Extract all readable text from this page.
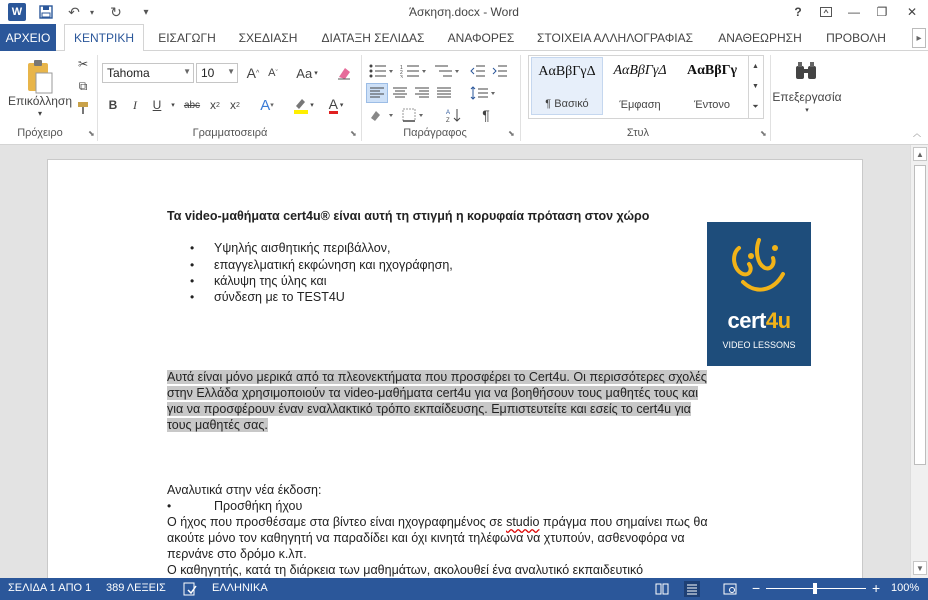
W	↶	▾	↻	▾	Άσκηση.docx - Word	?	—	❐	✕
ΑΡΧΕΙΟ	ΚΕΝΤΡΙΚΗ	ΕΙΣΑΓΩΓΗ	ΣΧΕΔΙΑΣΗ	ΔΙΑΤΑΞΗ ΣΕΛΙΔΑΣ	ΑΝΑΦΟΡΕΣ	ΣΤΟΙΧΕΙΑ ΑΛΛΗΛΟΓΡΑΦΙΑΣ	ΑΝΑΘΕΩΡΗΣΗ	ΠΡΟΒΟΛΗ	▸
Επικόλληση
▾
✂
⧉
Πρόχειρο	⬊
Tahoma	▼ 10 ▼ A ^ A ˇ Aa ▾
B	I	U	▾ abc x 2 x 2 A ▾	▾ A ▾
Γραμματοσειρά	⬊
1
2
3
A
Z	¶
Παράγραφος	⬊
ΑαΒβΓγΔ
¶ Βασικό
ΑαΒβΓγΔ
Έμφαση
ΑαΒβΓγ
Έντονο
▲
▼
⏷
Στυλ	⬊
Επεξεργασία
▾
︿
Τα video-μαθήματα cert4u® είναι αυτή τη στιγμή η κορυφαία πρόταση στον χώρο
• Υψηλής αισθητικής περιβάλλον,
• επαγγελματική εκφώνηση και ηχογράφηση,
• κάλυψη της ύλης και
• σύνδεση με το TEST4U
cert4u
VIDEO LESSONS
Αυτά είναι μόνο μερικά από τα πλεονεκτήματα που προσφέρει το Cert4u. Οι περισσότερες σχολές
στην Ελλάδα χρησιμοποιούν τα video-μαθήματα cert4u για να βοηθήσουν τους μαθητές τους και
για να προσφέρουν έναν εναλλακτικό τρόπο εκπαίδευσης. Εμπιστευτείτε και εσείς το cert4u για
τους μαθητές σας.
Αναλυτικά στην νέα έκδοση:
•	Προσθήκη ήχου
Ο ήχος που προσθέσαμε στα βίντεο είναι ηχογραφημένος σε studio πράγμα που σημαίνει πως θα
ακούτε μόνο τον καθηγητή να παραδίδει και όχι κινητά τηλέφωνα να χτυπούν, ασθενοφόρα να
περνάνε στο δρόμο κ.λπ.
Ο καθηγητής, κατά τη διάρκεια των μαθημάτων, ακολουθεί ένα αναλυτικό εκπαιδευτικό
▲
▼
ΣΕΛΙΔΑ 1 ΑΠΟ 1 389 ΛΕΞΕΙΣ	ΕΛΛΗΝΙΚΑ	−	+ 100%
